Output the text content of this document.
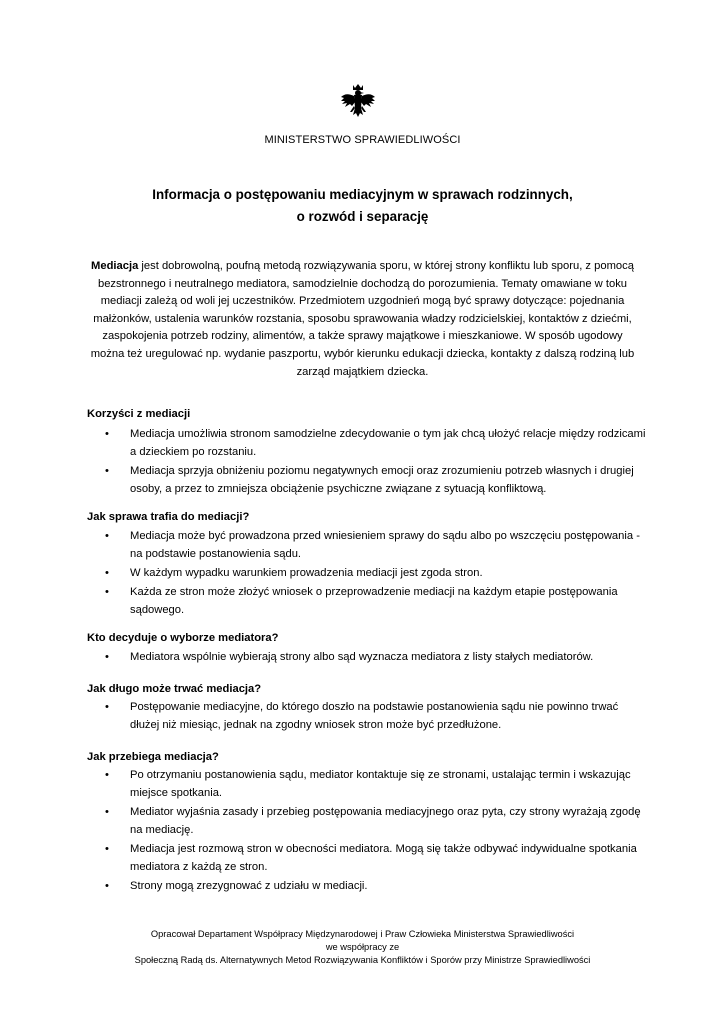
MINISTERSTWO SPRAWIEDLIWOŚCI
Informacja o postępowaniu mediacyjnym w sprawach rodzinnych,
o rozwód i separację

Mediacja jest dobrowolną, poufną metodą rozwiązywania sporu, w której strony konfliktu lub sporu, z pomocą bezstronnego i neutralnego mediatora, samodzielnie dochodzą do porozumienia. Tematy omawiane w toku mediacji zależą od woli jej uczestników. Przedmiotem uzgodnień mogą być sprawy dotyczące: pojednania małżonków, ustalenia warunków rozstania, sposobu sprawowania władzy rodzicielskiej, kontaktów z dziećmi, zaspokojenia potrzeb rodziny, alimentów, a także sprawy majątkowe i mieszkaniowe. W sposób ugodowy można też uregulować np. wydanie paszportu, wybór kierunku edukacji dziecka, kontakty z dalszą rodziną lub zarząd majątkiem dziecka.

Korzyści z mediacji
• Mediacja umożliwia stronom samodzielne zdecydowanie o tym jak chcą ułożyć relacje między rodzicami a dzieckiem po rozstaniu.
• Mediacja sprzyja obniżeniu poziomu negatywnych emocji oraz zrozumieniu potrzeb własnych i drugiej osoby, a przez to zmniejsza obciążenie psychiczne związane z sytuacją konfliktową.
Jak sprawa trafia do mediacji?
• Mediacja może być prowadzona przed wniesieniem sprawy do sądu albo po wszczęciu postępowania - na podstawie postanowienia sądu.
• W każdym wypadku warunkiem prowadzenia mediacji jest zgoda stron.
• Każda ze stron może złożyć wniosek o przeprowadzenie mediacji na każdym etapie postępowania sądowego.
Kto decyduje o wyborze mediatora?
• Mediatora wspólnie wybierają strony albo sąd wyznacza mediatora z listy stałych mediatorów.
Jak długo może trwać mediacja?
• Postępowanie mediacyjne, do którego doszło na podstawie postanowienia sądu nie powinno trwać dłużej niż miesiąc, jednak na zgodny wniosek stron może być przedłużone.
Jak przebiega mediacja?
• Po otrzymaniu postanowienia sądu, mediator kontaktuje się ze stronami, ustalając termin i wskazując miejsce spotkania.
• Mediator wyjaśnia zasady i przebieg postępowania mediacyjnego oraz pyta, czy strony wyrażają zgodę na mediację.
• Mediacja jest rozmową stron w obecności mediatora. Mogą się także odbywać indywidualne spotkania mediatora z każdą ze stron.
• Strony mogą zrezygnować z udziału w mediacji.
Opracował Departament Współpracy Międzynarodowej i Praw Człowieka Ministerstwa Sprawiedliwości
we współpracy ze
Społeczną Radą ds. Alternatywnych Metod Rozwiązywania Konfliktów i Sporów przy Ministrze Sprawiedliwości
